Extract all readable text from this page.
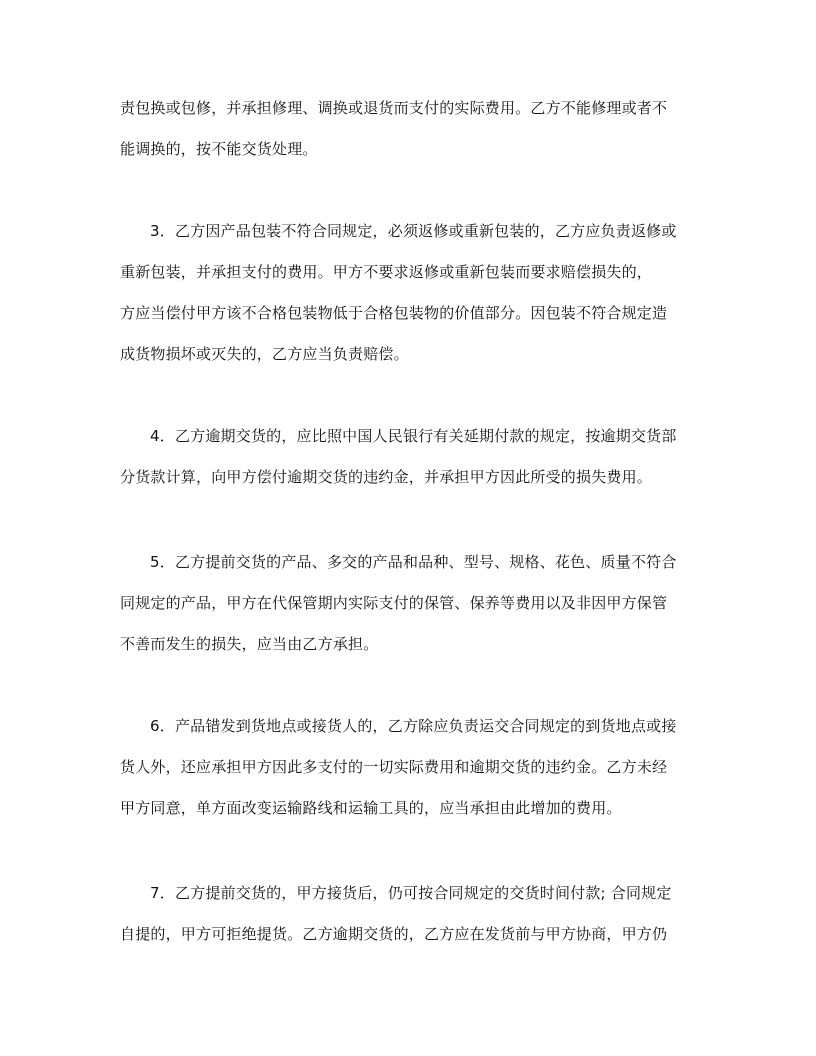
责包换或包修，并承担修理、调换或退货而支付的实际费用。乙方不能修理或者不
能调换的，按不能交货处理。
3．乙方因产品包装不符合同规定，必须返修或重新包装的，乙方应负责返修或
重新包装，并承担支付的费用。甲方不要求返修或重新包装而要求赔偿损失的，
方应当偿付甲方该不合格包装物低于合格包装物的价值部分。因包装不符合规定造
成货物损坏或灭失的，乙方应当负责赔偿。
4．乙方逾期交货的，应比照中国人民银行有关延期付款的规定，按逾期交货部
分货款计算，向甲方偿付逾期交货的违约金，并承担甲方因此所受的损失费用。
5．乙方提前交货的产品、多交的产品和品种、型号、规格、花色、质量不符合
同规定的产品，甲方在代保管期内实际支付的保管、保养等费用以及非因甲方保管
不善而发生的损失，应当由乙方承担。
6．产品错发到货地点或接货人的，乙方除应负责运交合同规定的到货地点或接
货人外，还应承担甲方因此多支付的一切实际费用和逾期交货的违约金。乙方未经
甲方同意，单方面改变运输路线和运输工具的，应当承担由此增加的费用。
7．乙方提前交货的，甲方接货后，仍可按合同规定的交货时间付款; 合同规定
自提的，甲方可拒绝提货。乙方逾期交货的，乙方应在发货前与甲方协商，甲方仍
